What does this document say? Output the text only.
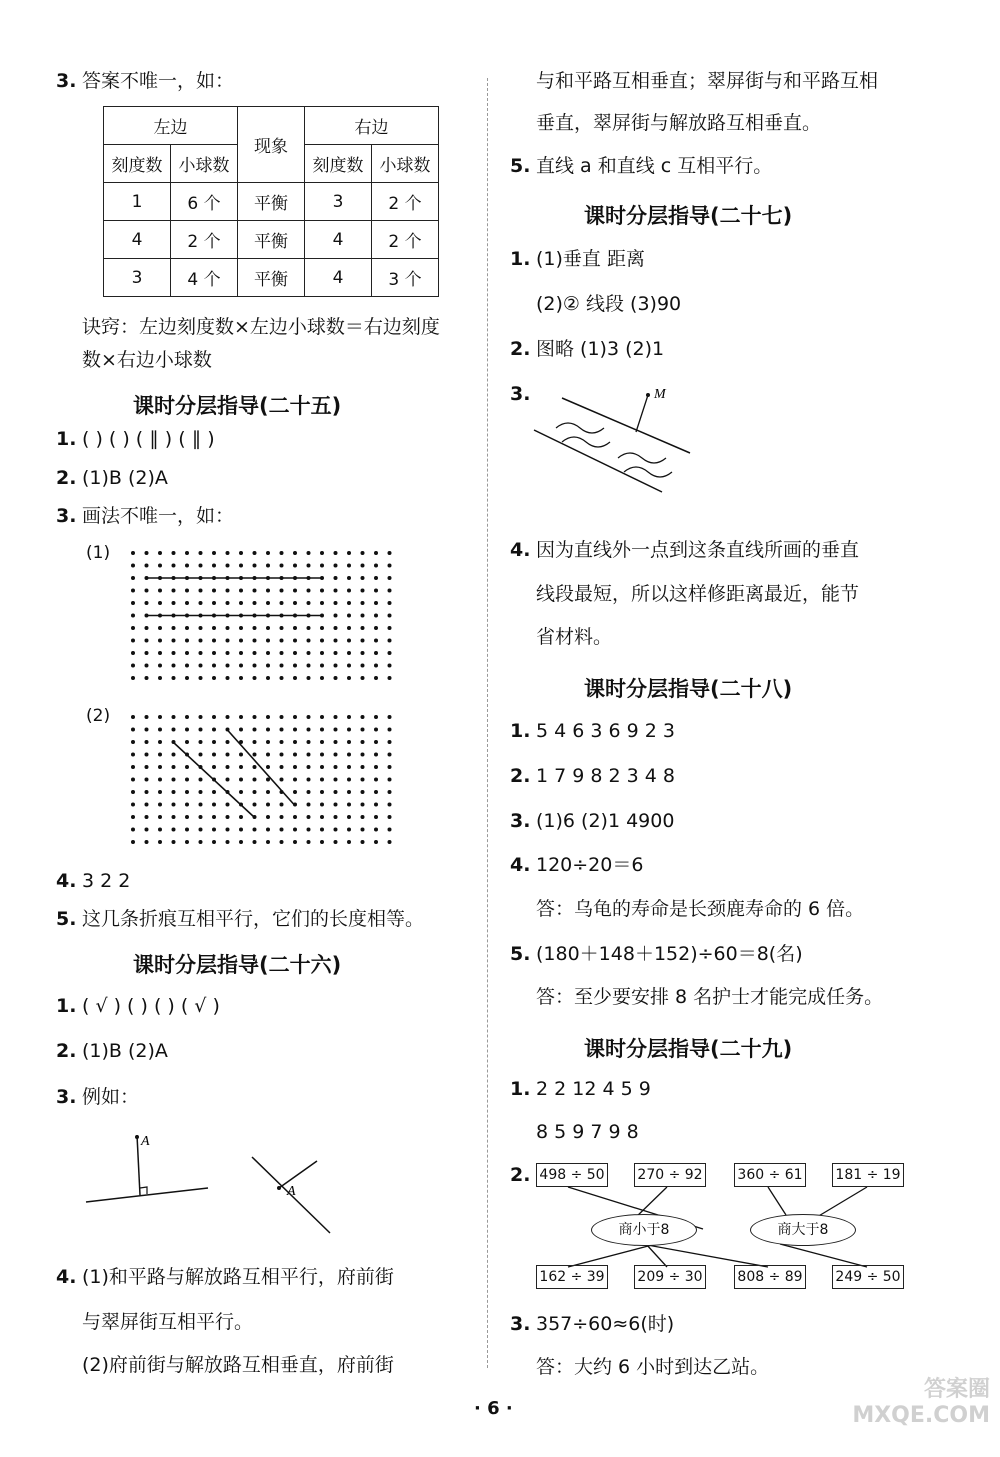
3. 答案不唯一，如：
左边		现象	右边	
刻度数	小球数		刻度数	小球数
1	6 个	平衡	3	2 个
4	2 个	平衡	4	2 个
3	4 个	平衡	4	3 个
诀窍：左边刻度数×左边小球数＝右边刻度
数×右边小球数
课时分层指导(二十五)
1. ( ) ( ) ( ∥ ) ( ∥ )
2. (1)B (2)A
3. 画法不唯一，如：
(1)
(2)
4. 3 2 2
5. 这几条折痕互相平行，它们的长度相等。
课时分层指导(二十六)
1. ( √ ) ( ) ( ) ( √ )
2. (1)B (2)A
3. 例如：
A
A
4. (1)和平路与解放路互相平行，府前街
与翠屏街互相平行。
(2)府前街与解放路互相垂直，府前街
与和平路互相垂直；翠屏街与和平路互相
垂直，翠屏街与解放路互相垂直。
5. 直线 a 和直线 c 互相平行。
课时分层指导(二十七)
1. (1)垂直 距离
(2)② 线段 (3)90
2. 图略 (1)3 (2)1
3.	M
4. 因为直线外一点到这条直线所画的垂直
线段最短，所以这样修距离最近，能节
省材料。
课时分层指导(二十八)
1. 5 4 6 3 6 9 2 3
2. 1 7 9 8 2 3 4 8
3. (1)6 (2)1 4900
4. 120÷20＝6
答：乌龟的寿命是长颈鹿寿命的 6 倍。
5. (180＋148＋152)÷60＝8(名)
答：至少要安排 8 名护士才能完成任务。
课时分层指导(二十九)
1. 2 2 12 4 5 9
8 5 9 7 9 8
2. 498 ÷ 50 270 ÷ 92 360 ÷ 61 181 ÷ 19
商小于8	商大于8
162 ÷ 39 209 ÷ 30 808 ÷ 89 249 ÷ 50
3. 357÷60≈6(时)
答：大约 6 小时到达乙站。
· 6 ·
答案圈
MXQE.COM
